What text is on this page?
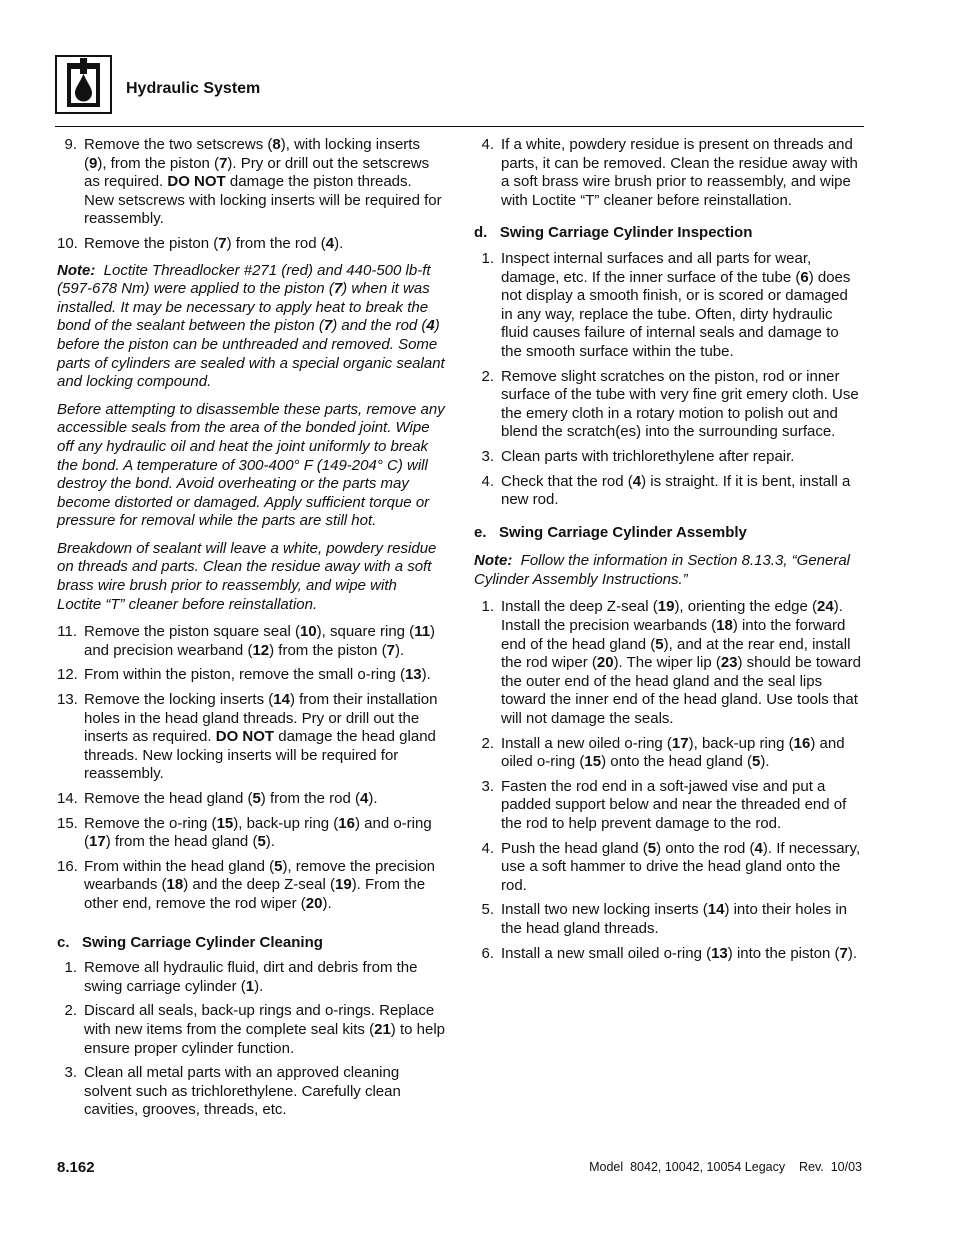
Hydraulic System
9. Remove the two setscrews (8), with locking inserts (9), from the piston (7). Pry or drill out the setscrews as required. DO NOT damage the piston threads. New setscrews with locking inserts will be required for reassembly.
10. Remove the piston (7) from the rod (4).
Note: Loctite Threadlocker #271 (red) and 440-500 lb-ft (597-678 Nm) were applied to the piston (7) when it was installed. It may be necessary to apply heat to break the bond of the sealant between the piston (7) and the rod (4) before the piston can be unthreaded and removed. Some parts of cylinders are sealed with a special organic sealant and locking compound.
Before attempting to disassemble these parts, remove any accessible seals from the area of the bonded joint. Wipe off any hydraulic oil and heat the joint uniformly to break the bond. A temperature of 300-400° F (149-204° C) will destroy the bond. Avoid overheating or the parts may become distorted or damaged. Apply sufficient torque or pressure for removal while the parts are still hot.
Breakdown of sealant will leave a white, powdery residue on threads and parts. Clean the residue away with a soft brass wire brush prior to reassembly, and wipe with Loctite “T” cleaner before reinstallation.
11. Remove the piston square seal (10), square ring (11) and precision wearband (12) from the piston (7).
12. From within the piston, remove the small o-ring (13).
13. Remove the locking inserts (14) from their installation holes in the head gland threads. Pry or drill out the inserts as required. DO NOT damage the head gland threads. New locking inserts will be required for reassembly.
14. Remove the head gland (5) from the rod (4).
15. Remove the o-ring (15), back-up ring (16) and o-ring (17) from the head gland (5).
16. From within the head gland (5), remove the precision wearbands (18) and the deep Z-seal (19). From the other end, remove the rod wiper (20).
c.   Swing Carriage Cylinder Cleaning
1. Remove all hydraulic fluid, dirt and debris from the swing carriage cylinder (1).
2. Discard all seals, back-up rings and o-rings. Replace with new items from the complete seal kits (21) to help ensure proper cylinder function.
3. Clean all metal parts with an approved cleaning solvent such as trichlorethylene. Carefully clean cavities, grooves, threads, etc.
4. If a white, powdery residue is present on threads and parts, it can be removed. Clean the residue away with a soft brass wire brush prior to reassembly, and wipe with Loctite “T” cleaner before reinstallation.
d.   Swing Carriage Cylinder Inspection
1. Inspect internal surfaces and all parts for wear, damage, etc. If the inner surface of the tube (6) does not display a smooth finish, or is scored or damaged in any way, replace the tube. Often, dirty hydraulic fluid causes failure of internal seals and damage to the smooth surface within the tube.
2. Remove slight scratches on the piston, rod or inner surface of the tube with very fine grit emery cloth. Use the emery cloth in a rotary motion to polish out and blend the scratch(es) into the surrounding surface.
3. Clean parts with trichlorethylene after repair.
4. Check that the rod (4) is straight. If it is bent, install a new rod.
e.   Swing Carriage Cylinder Assembly
Note: Follow the information in Section 8.13.3, “General Cylinder Assembly Instructions.”
1. Install the deep Z-seal (19), orienting the edge (24). Install the precision wearbands (18) into the forward end of the head gland (5), and at the rear end, install the rod wiper (20). The wiper lip (23) should be toward the outer end of the head gland and the seal lips toward the inner end of the head gland. Use tools that will not damage the seals.
2. Install a new oiled o-ring (17), back-up ring (16) and oiled o-ring (15) onto the head gland (5).
3. Fasten the rod end in a soft-jawed vise and put a padded support below and near the threaded end of the rod to help prevent damage to the rod.
4. Push the head gland (5) onto the rod (4). If necessary, use a soft hammer to drive the head gland onto the rod.
5. Install two new locking inserts (14) into their holes in the head gland threads.
6. Install a new small oiled o-ring (13) into the piston (7).
8.162	Model  8042, 10042, 10054 Legacy    Rev.  10/03
